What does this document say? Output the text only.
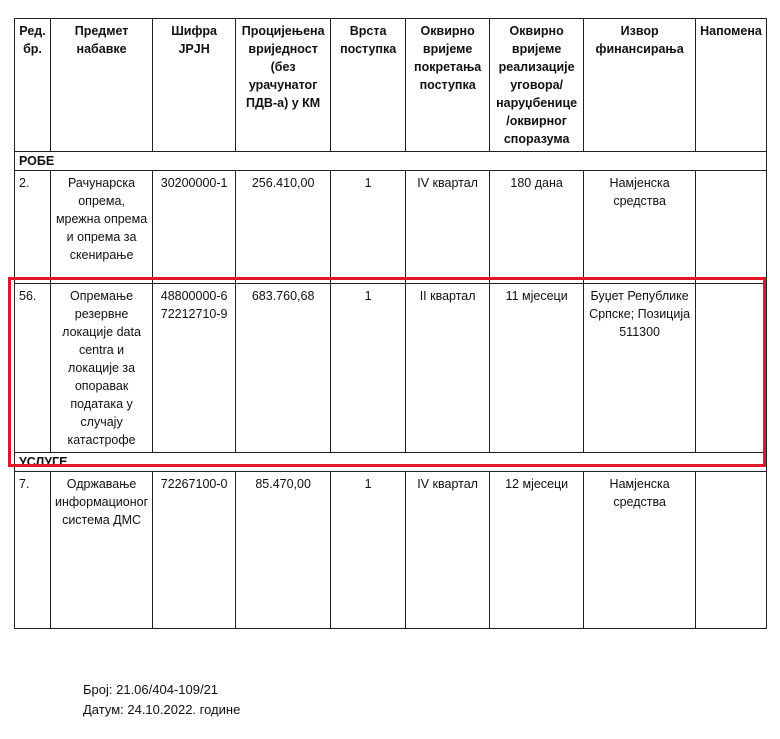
Ред. бр.	Предмет набавке	Шифра ЈРЈН	Процијењена вриједност (без урачунатог ПДВ-а) у КМ	Врста поступка	Оквирно вријеме покретања поступка	Оквирно вријеме реализације уговора/ наруџбенице /оквирног споразума	Извор финансирања	Напомена
РОБЕ								
2.	Рачунарска опрема, мрежна опрема и опрема за скенирање	30200000-1	256.410,00	1	IV квартал	180 дана	Намјенска средства	
56.	Опремање резервне локације data centra и локације за опоравак података у случају катастрофе	48800000-6 72212710-9	683.760,68	1	II квартал	11 мјесеци	Буџет Републике Српске; Позиција 511300	
УСЛУГЕ								
7.	Одржавање информационог система ДМС	72267100-0	85.470,00	1	IV квартал	12 мјесеци	Намјенска средства	
Број: 21.06/404-109/21
Датум: 24.10.2022. године
